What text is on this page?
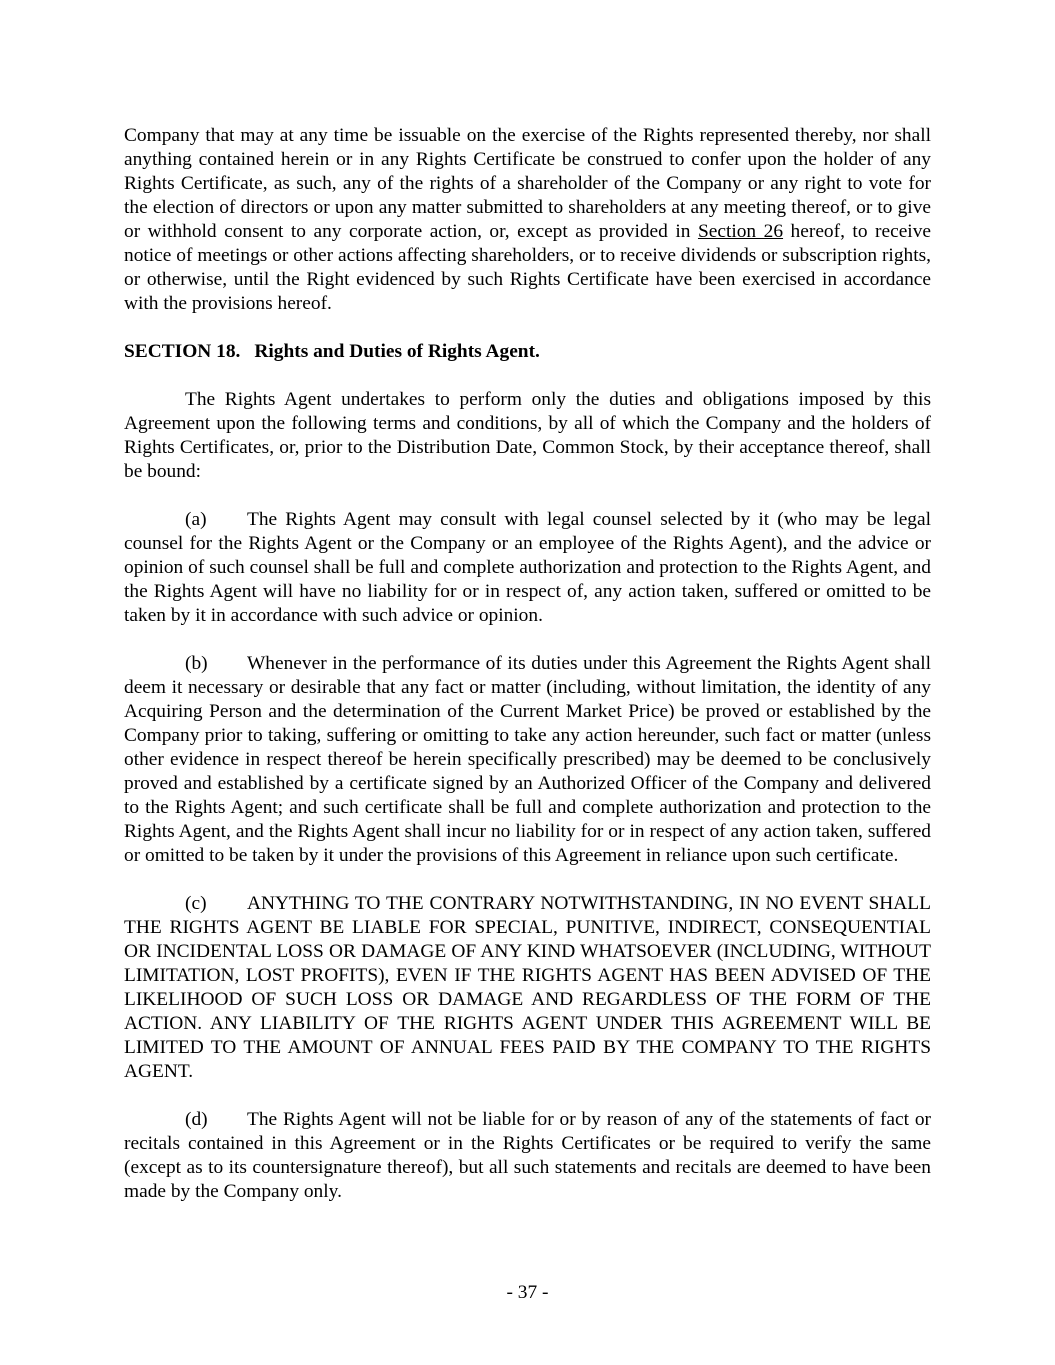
Company that may at any time be issuable on the exercise of the Rights represented thereby, nor shall anything contained herein or in any Rights Certificate be construed to confer upon the holder of any Rights Certificate, as such, any of the rights of a shareholder of the Company or any right to vote for the election of directors or upon any matter submitted to shareholders at any meeting thereof, or to give or withhold consent to any corporate action, or, except as provided in Section 26 hereof, to receive notice of meetings or other actions affecting shareholders, or to receive dividends or subscription rights, or otherwise, until the Right evidenced by such Rights Certificate have been exercised in accordance with the provisions hereof.

SECTION 18. Rights and Duties of Rights Agent.

The Rights Agent undertakes to perform only the duties and obligations imposed by this Agreement upon the following terms and conditions, by all of which the Company and the holders of Rights Certificates, or, prior to the Distribution Date, Common Stock, by their acceptance thereof, shall be bound:

(a) The Rights Agent may consult with legal counsel selected by it (who may be legal counsel for the Rights Agent or the Company or an employee of the Rights Agent), and the advice or opinion of such counsel shall be full and complete authorization and protection to the Rights Agent, and the Rights Agent will have no liability for or in respect of, any action taken, suffered or omitted to be taken by it in accordance with such advice or opinion.

(b) Whenever in the performance of its duties under this Agreement the Rights Agent shall deem it necessary or desirable that any fact or matter (including, without limitation, the identity of any Acquiring Person and the determination of the Current Market Price) be proved or established by the Company prior to taking, suffering or omitting to take any action hereunder, such fact or matter (unless other evidence in respect thereof be herein specifically prescribed) may be deemed to be conclusively proved and established by a certificate signed by an Authorized Officer of the Company and delivered to the Rights Agent; and such certificate shall be full and complete authorization and protection to the Rights Agent, and the Rights Agent shall incur no liability for or in respect of any action taken, suffered or omitted to be taken by it under the provisions of this Agreement in reliance upon such certificate.

(c) ANYTHING TO THE CONTRARY NOTWITHSTANDING, IN NO EVENT SHALL THE RIGHTS AGENT BE LIABLE FOR SPECIAL, PUNITIVE, INDIRECT, CONSEQUENTIAL OR INCIDENTAL LOSS OR DAMAGE OF ANY KIND WHATSOEVER (INCLUDING, WITHOUT LIMITATION, LOST PROFITS), EVEN IF THE RIGHTS AGENT HAS BEEN ADVISED OF THE LIKELIHOOD OF SUCH LOSS OR DAMAGE AND REGARDLESS OF THE FORM OF THE ACTION. ANY LIABILITY OF THE RIGHTS AGENT UNDER THIS AGREEMENT WILL BE LIMITED TO THE AMOUNT OF ANNUAL FEES PAID BY THE COMPANY TO THE RIGHTS AGENT.

(d) The Rights Agent will not be liable for or by reason of any of the statements of fact or recitals contained in this Agreement or in the Rights Certificates or be required to verify the same (except as to its countersignature thereof), but all such statements and recitals are deemed to have been made by the Company only.

- 37 -
